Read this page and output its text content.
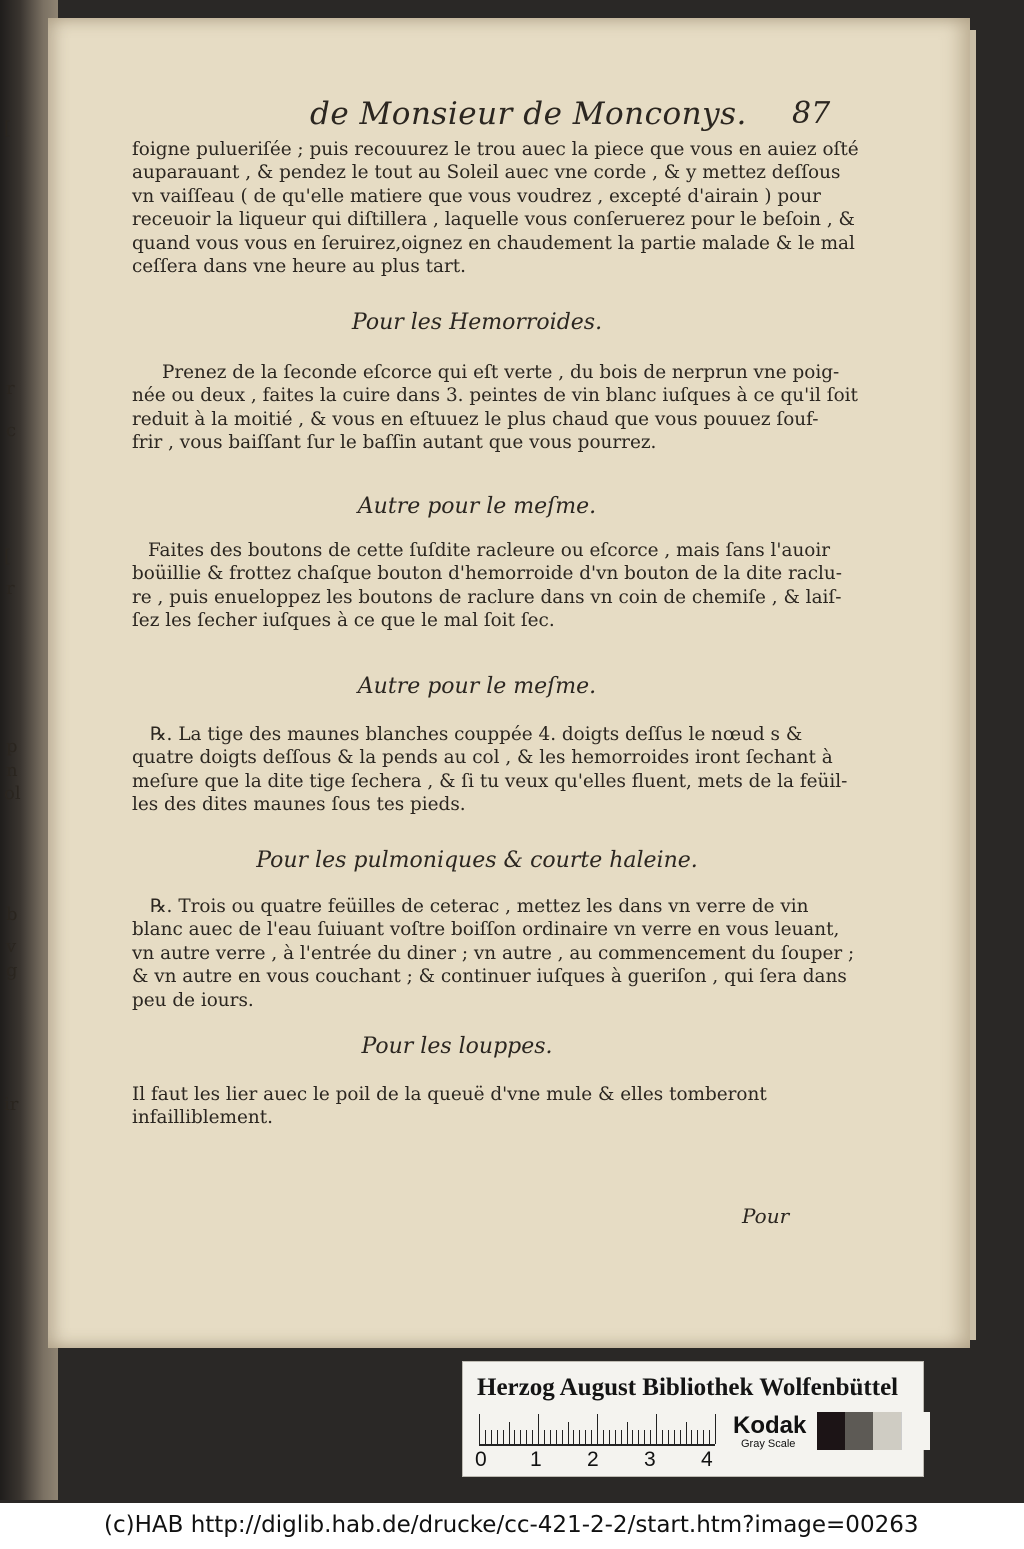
[
r
c
[
r
p
n
ol
b
v
g
ir
de Monsieur de Monconys. 87

foigne pulueriſée ; puis recouurez le trou auec la piece que vous en auiez oſté
auparauant , & pendez le tout au Soleil auec vne corde , & y mettez deſſous
vn vaiſſeau ( de qu'elle matiere que vous voudrez , excepté d'airain ) pour
receuoir la liqueur qui diſtillera , laquelle vous conſeruerez pour le beſoin , &
quand vous vous en ſeruirez,oignez en chaudement la partie malade & le mal
ceſſera dans vne heure au plus tart.

Pour les Hemorroides.

Prenez de la ſeconde eſcorce qui eſt verte , du bois de nerprun vne poig-
née ou deux , faites la cuire dans 3. peintes de vin blanc iuſques à ce qu'il ſoit
reduit à la moitié , & vous en eſtuuez le plus chaud que vous pouuez ſouf-
frir , vous baiſſant ſur le baſſin autant que vous pourrez.

Autre pour le meſme.

Faites des boutons de cette ſuſdite racleure ou eſcorce , mais ſans l'auoir
boüillie & frottez chaſque bouton d'hemorroide d'vn bouton de la dite raclu-
re , puis enueloppez les boutons de raclure dans vn coin de chemiſe , & laiſ-
ſez les ſecher iuſques à ce que le mal ſoit ſec.

Autre pour le meſme.

℞. La tige des maunes blanches couppée 4. doigts deſſus le nœud s &
quatre doigts deſſous & la pends au col , & les hemorroides iront ſechant à
meſure que la dite tige ſechera , & ſi tu veux qu'elles fluent, mets de la feüil-
les des dites maunes ſous tes pieds.

Pour les pulmoniques & courte haleine.

℞. Trois ou quatre feüilles de ceterac , mettez les dans vn verre de vin
blanc auec de l'eau ſuiuant voſtre boiſſon ordinaire vn verre en vous leuant,
vn autre verre , à l'entrée du diner ; vn autre , au commencement du ſouper ;
& vn autre en vous couchant ; & continuer iuſques à gueriſon , qui ſera dans
peu de iours.

Pour les louppes.

Il faut les lier auec le poil de la queuë d'vne mule & elles tomberont
infailliblement.

Pour
Herzog August Bibliothek Wolfenbüttel
0 1 2 3 4
Kodak
Gray Scale
(c)HAB http://diglib.hab.de/drucke/cc-421-2-2/start.htm?image=00263
